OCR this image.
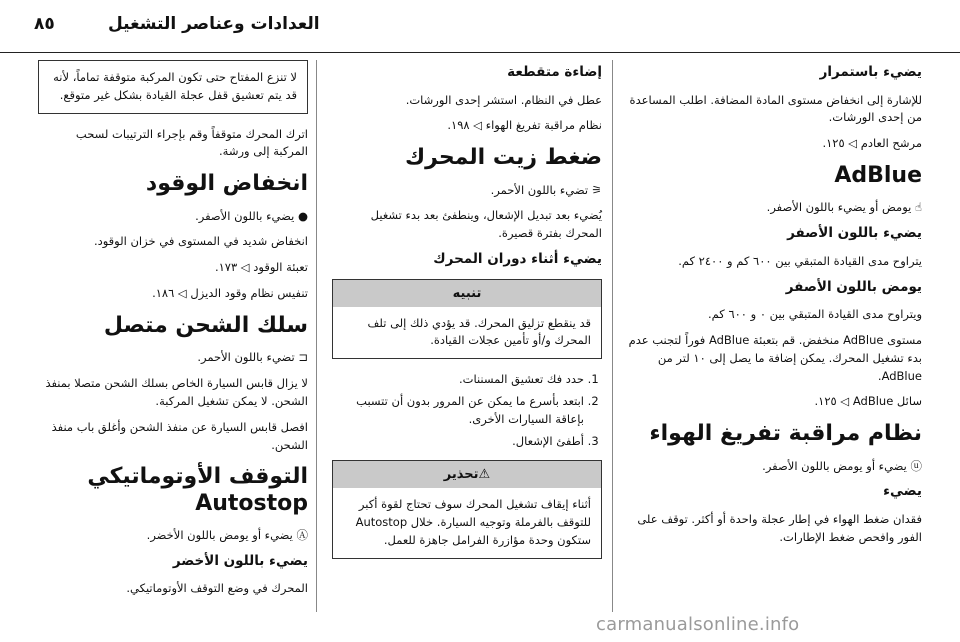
٨٥	العدادات وعناصر التشغيل
يضيء باستمرار

للإشارة إلى انخفاض مستوى المادة المضافة. اطلب المساعدة من إحدى الورشات.

مرشح العادم ◁ ١٢٥.

AdBlue

☝ يومض أو يضيء باللون الأصفر.

يضيء باللون الأصفر

يتراوح مدى القيادة المتبقي بين ٦٠٠ كم و ٢٤٠٠ كم.

يومض باللون الأصفر

ويتراوح مدى القيادة المتبقي بين ٠ و ٦٠٠ كم.

مستوى AdBlue منخفض. قم بتعبئة AdBlue فوراً لتجنب عدم بدء تشغيل المحرك. يمكن إضافة ما يصل إلى ١٠ لتر من AdBlue.

سائل AdBlue ◁ ١٢٥.

نظام مراقبة تفريغ الهواء

ⓤ يضيء أو يومض باللون الأصفر.

يضيء

فقدان ضغط الهواء في إطار عجلة واحدة أو أكثر. توقف على الفور وافحص ضغط الإطارات.

إضاءة متقطعة

عطل في النظام. استشر إحدى الورشات.

نظام مراقبة تفريغ الهواء ◁ ١٩٨.

ضغط زيت المحرك

⚞ تضيء باللون الأحمر.

يُضيء بعد تبديل الإشعال، وينطفئ بعد بدء تشغيل المحرك بفترة قصيرة.

يضيء أثناء دوران المحرك
تنبيه

قد ينقطع تزليق المحرك. قد يؤدي ذلك إلى تلف المحرك و/أو تأمين عجلات القيادة.

1. حدد فك تعشيق المسننات.
2. ابتعد بأسرع ما يمكن عن المرور بدون أن تتسبب بإعاقة السيارات الأخرى.
3. أطفئ الإشعال.
⚠تحذير

أثناء إيقاف تشغيل المحرك سوف تحتاج لقوة أكبر للتوقف بالفرملة وتوجيه السيارة. خلال Autostop ستكون وحدة مؤازرة الفرامل جاهزة للعمل.

لا تنزع المفتاح حتى تكون المركبة متوقفة تماماً، لأنه قد يتم تعشيق قفل عجلة القيادة بشكل غير متوقع.

اترك المحرك متوقفاً وقم بإجراء الترتيبات لسحب المركبة إلى ورشة.

انخفاض الوقود

● يضيء باللون الأصفر.

انخفاض شديد في المستوى في خزان الوقود.

تعبئة الوقود ◁ ١٧٣.

تنفيس نظام وقود الديزل ◁ ١٨٦.

سلك الشحن متصل

⊏ تضيء باللون الأحمر.

لا يزال قابس السيارة الخاص بسلك الشحن متصلا بمنفذ الشحن. لا يمكن تشغيل المركبة.

افصل قابس السيارة عن منفذ الشحن وأغلق باب منفذ الشحن.

التوقف الأوتوماتيكي Autostop

Ⓐ يضيء أو يومض باللون الأخضر.

يضيء باللون الأخضر

المحرك في وضع التوقف الأوتوماتيكي.

carmanualsonline.info
